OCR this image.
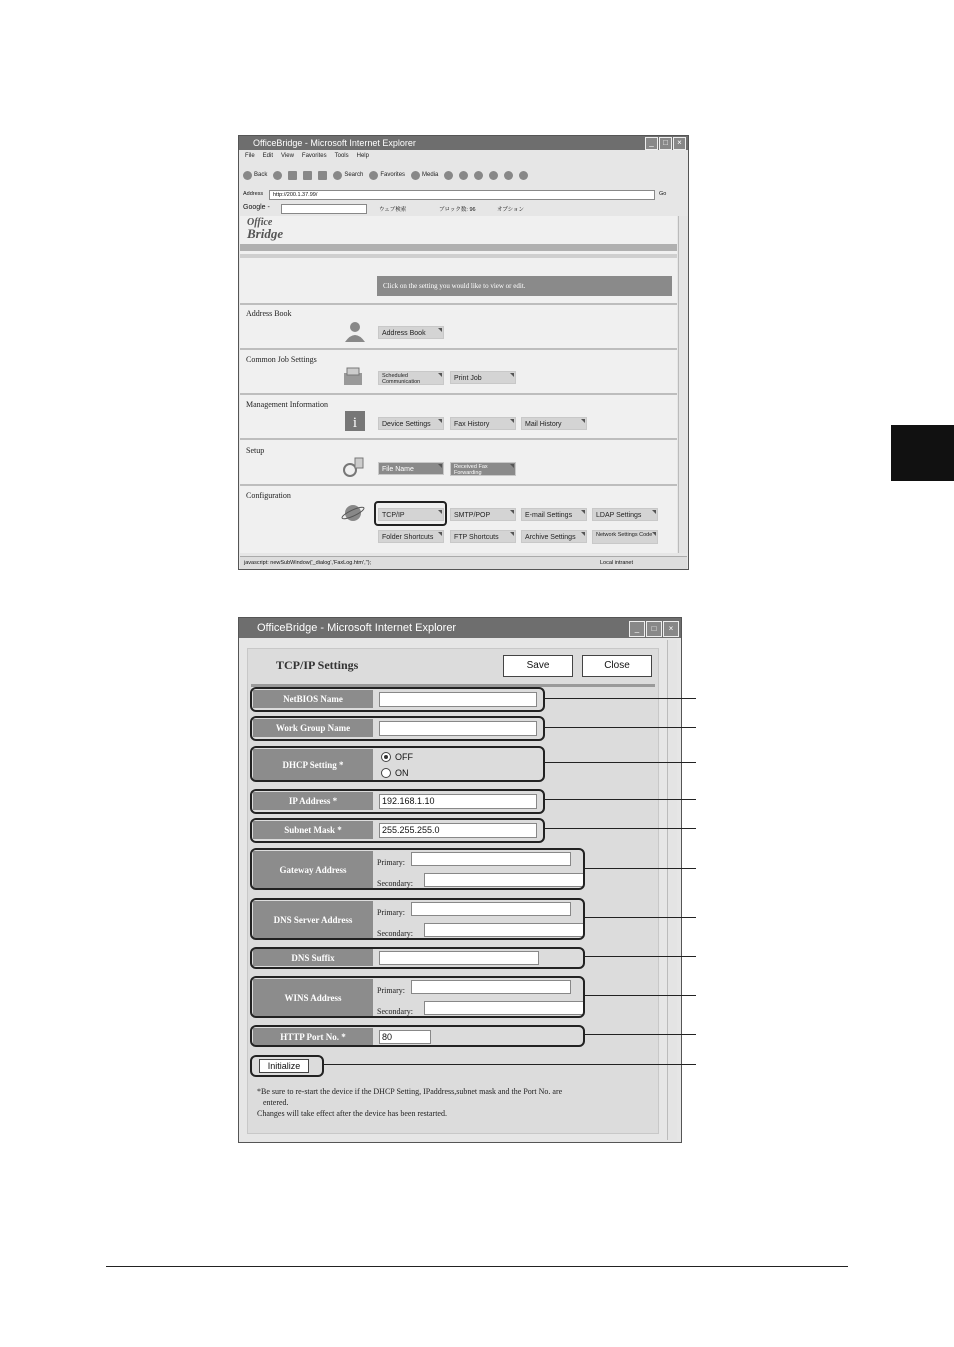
OfficeBridge - Microsoft Internet Explorer	_	□	×
File Edit View Favorites Tools Help
Back	Search	Favorites	Media
Address	http://200.1.37.99/	Go
Google -	ウェブ検索	ブロック数: 96	オプション
Office
Bridge
Click on the setting you would like to view or edit.
Address Book
Address Book
Common Job Settings
Scheduled Communication	Print Job
Management Information
i	Device Settings	Fax History	Mail History
Setup
File Name	Received Fax Forwarding
Configuration
TCP/IP	SMTP/POP	E-mail Settings	LDAP Settings
Folder Shortcuts	FTP Shortcuts	Archive Settings	Network Settings Code
javascript: newSubWindow('_dialog','FaxLog.htm','');	Local intranet
OfficeBridge - Microsoft Internet Explorer	_	□	×
TCP/IP Settings	Save	Close
NetBIOS Name
Work Group Name
DHCP Setting *
OFF
ON
IP Address *	192.168.1.10
Subnet Mask *	255.255.255.0
Gateway Address
Primary:
Secondary:
DNS Server Address
Primary:
Secondary:
DNS Suffix
WINS Address
Primary:
Secondary:
HTTP Port No. *	80
Initialize
*Be sure to re-start the device if the DHCP Setting, IPaddress,subnet mask and the Port No. are
entered.
Changes will take effect after the device has been restarted.
